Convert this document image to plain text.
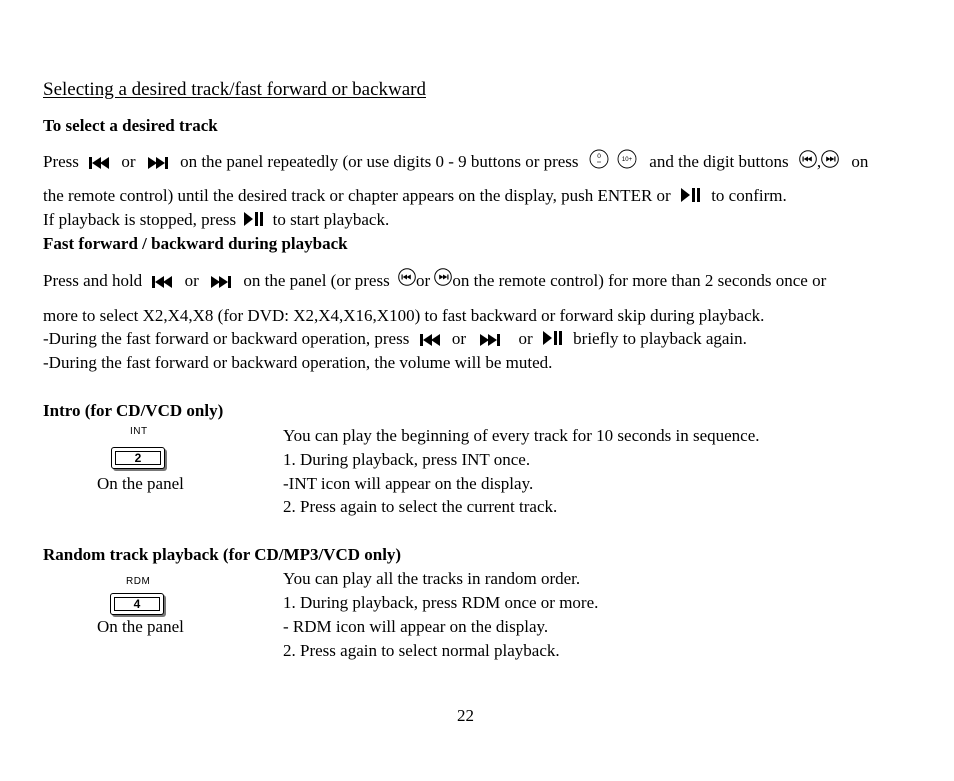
Selecting a desired track/fast forward or backward
To select a desired track
Press	or	on the panel repeatedly (or use digits 0 - 9 buttons or press	0
	10+ and the digit buttons , on
the remote control) until the desired track or chapter appears on the display, push ENTER or to confirm.
If playback is stopped, press to start playback.
Fast forward / backward during playback
Press and hold	or	on the panel (or press or on the remote control) for more than 2 seconds once or
more to select X2,X4,X8 (for DVD: X2,X4,X16,X100) to fast backward or forward skip during playback.
-During the fast forward or backward operation, press	or	or briefly to playback again.
-During the fast forward or backward operation, the volume will be muted.
Intro (for CD/VCD only)
INT
2
On the panel
You can play the beginning of every track for 10 seconds in sequence.
1. During playback, press INT once.
-INT icon will appear on the display.
2. Press again to select the current track.
Random track playback (for CD/MP3/VCD only)
RDM
4
On the panel
You can play all the tracks in random order.
1. During playback, press RDM once or more.
- RDM icon will appear on the display.
2. Press again to select normal playback.
22
